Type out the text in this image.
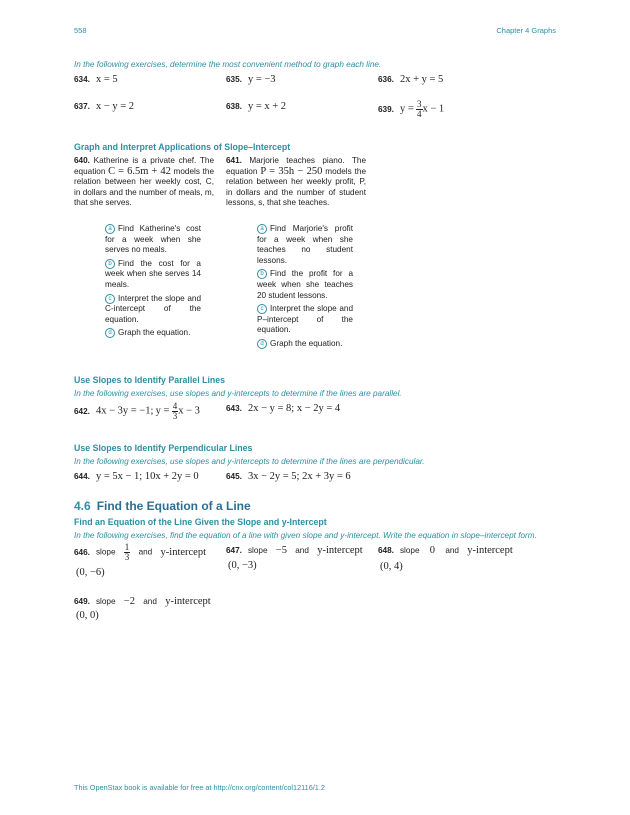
558	Chapter 4 Graphs
In the following exercises, determine the most convenient method to graph each line.
634. x = 5	635. y = −3	636. 2x + y = 5
637. x − y = 2	638. y = x + 2	639. $y = \frac{3}{4}$ x − 1
Graph and Interpret Applications of Slope–Intercept
640. Katherine is a private chef. The equation C = 6.5m + 42 models the relation between her weekly cost, C, in dollars and the number of meals, m, that she serves.
a Find Katherine's cost for a week when she serves no meals.
b Find the cost for a week when she serves 14 meals.
c Interpret the slope and C-intercept of the equation.
d Graph the equation.
641. Marjorie teaches piano. The equation P = 35h − 250 models the relation between her weekly profit, P, in dollars and the number of student lessons, s, that she teaches.
a Find Marjorie's profit for a week when she teaches no student lessons.
b Find the profit for a week when she teaches 20 student lessons.
c Interpret the slope and P–intercept of the equation.
d Graph the equation.
Use Slopes to Identify Parallel Lines
In the following exercises, use slopes and y-intercepts to determine if the lines are parallel.
642. 4x − 3y = −1; $y = \frac{4}{3}$ x − 3	643. 2x − y = 8; x − 2y = 4
Use Slopes to Identify Perpendicular Lines
In the following exercises, use slopes and y-intercepts to determine if the lines are perpendicular.
644. y = 5x − 1; 10x + 2y = 0	645. 3x − 2y = 5; 2x + 3y = 6
4.6 Find the Equation of a Line
Find an Equation of the Line Given the Slope and y-Intercept
In the following exercises, find the equation of a line with given slope and y-intercept. Write the equation in slope–intercept form.
646. slope $\frac{1}{3}$ and y-intercept
(0, −6)
647. slope −5 and y-intercept
(0, −3)
648. slope 0 and y-intercept
(0, 4)
649. slope −2 and y-intercept
(0, 0)
This OpenStax book is available for free at http://cnx.org/content/col12116/1.2
